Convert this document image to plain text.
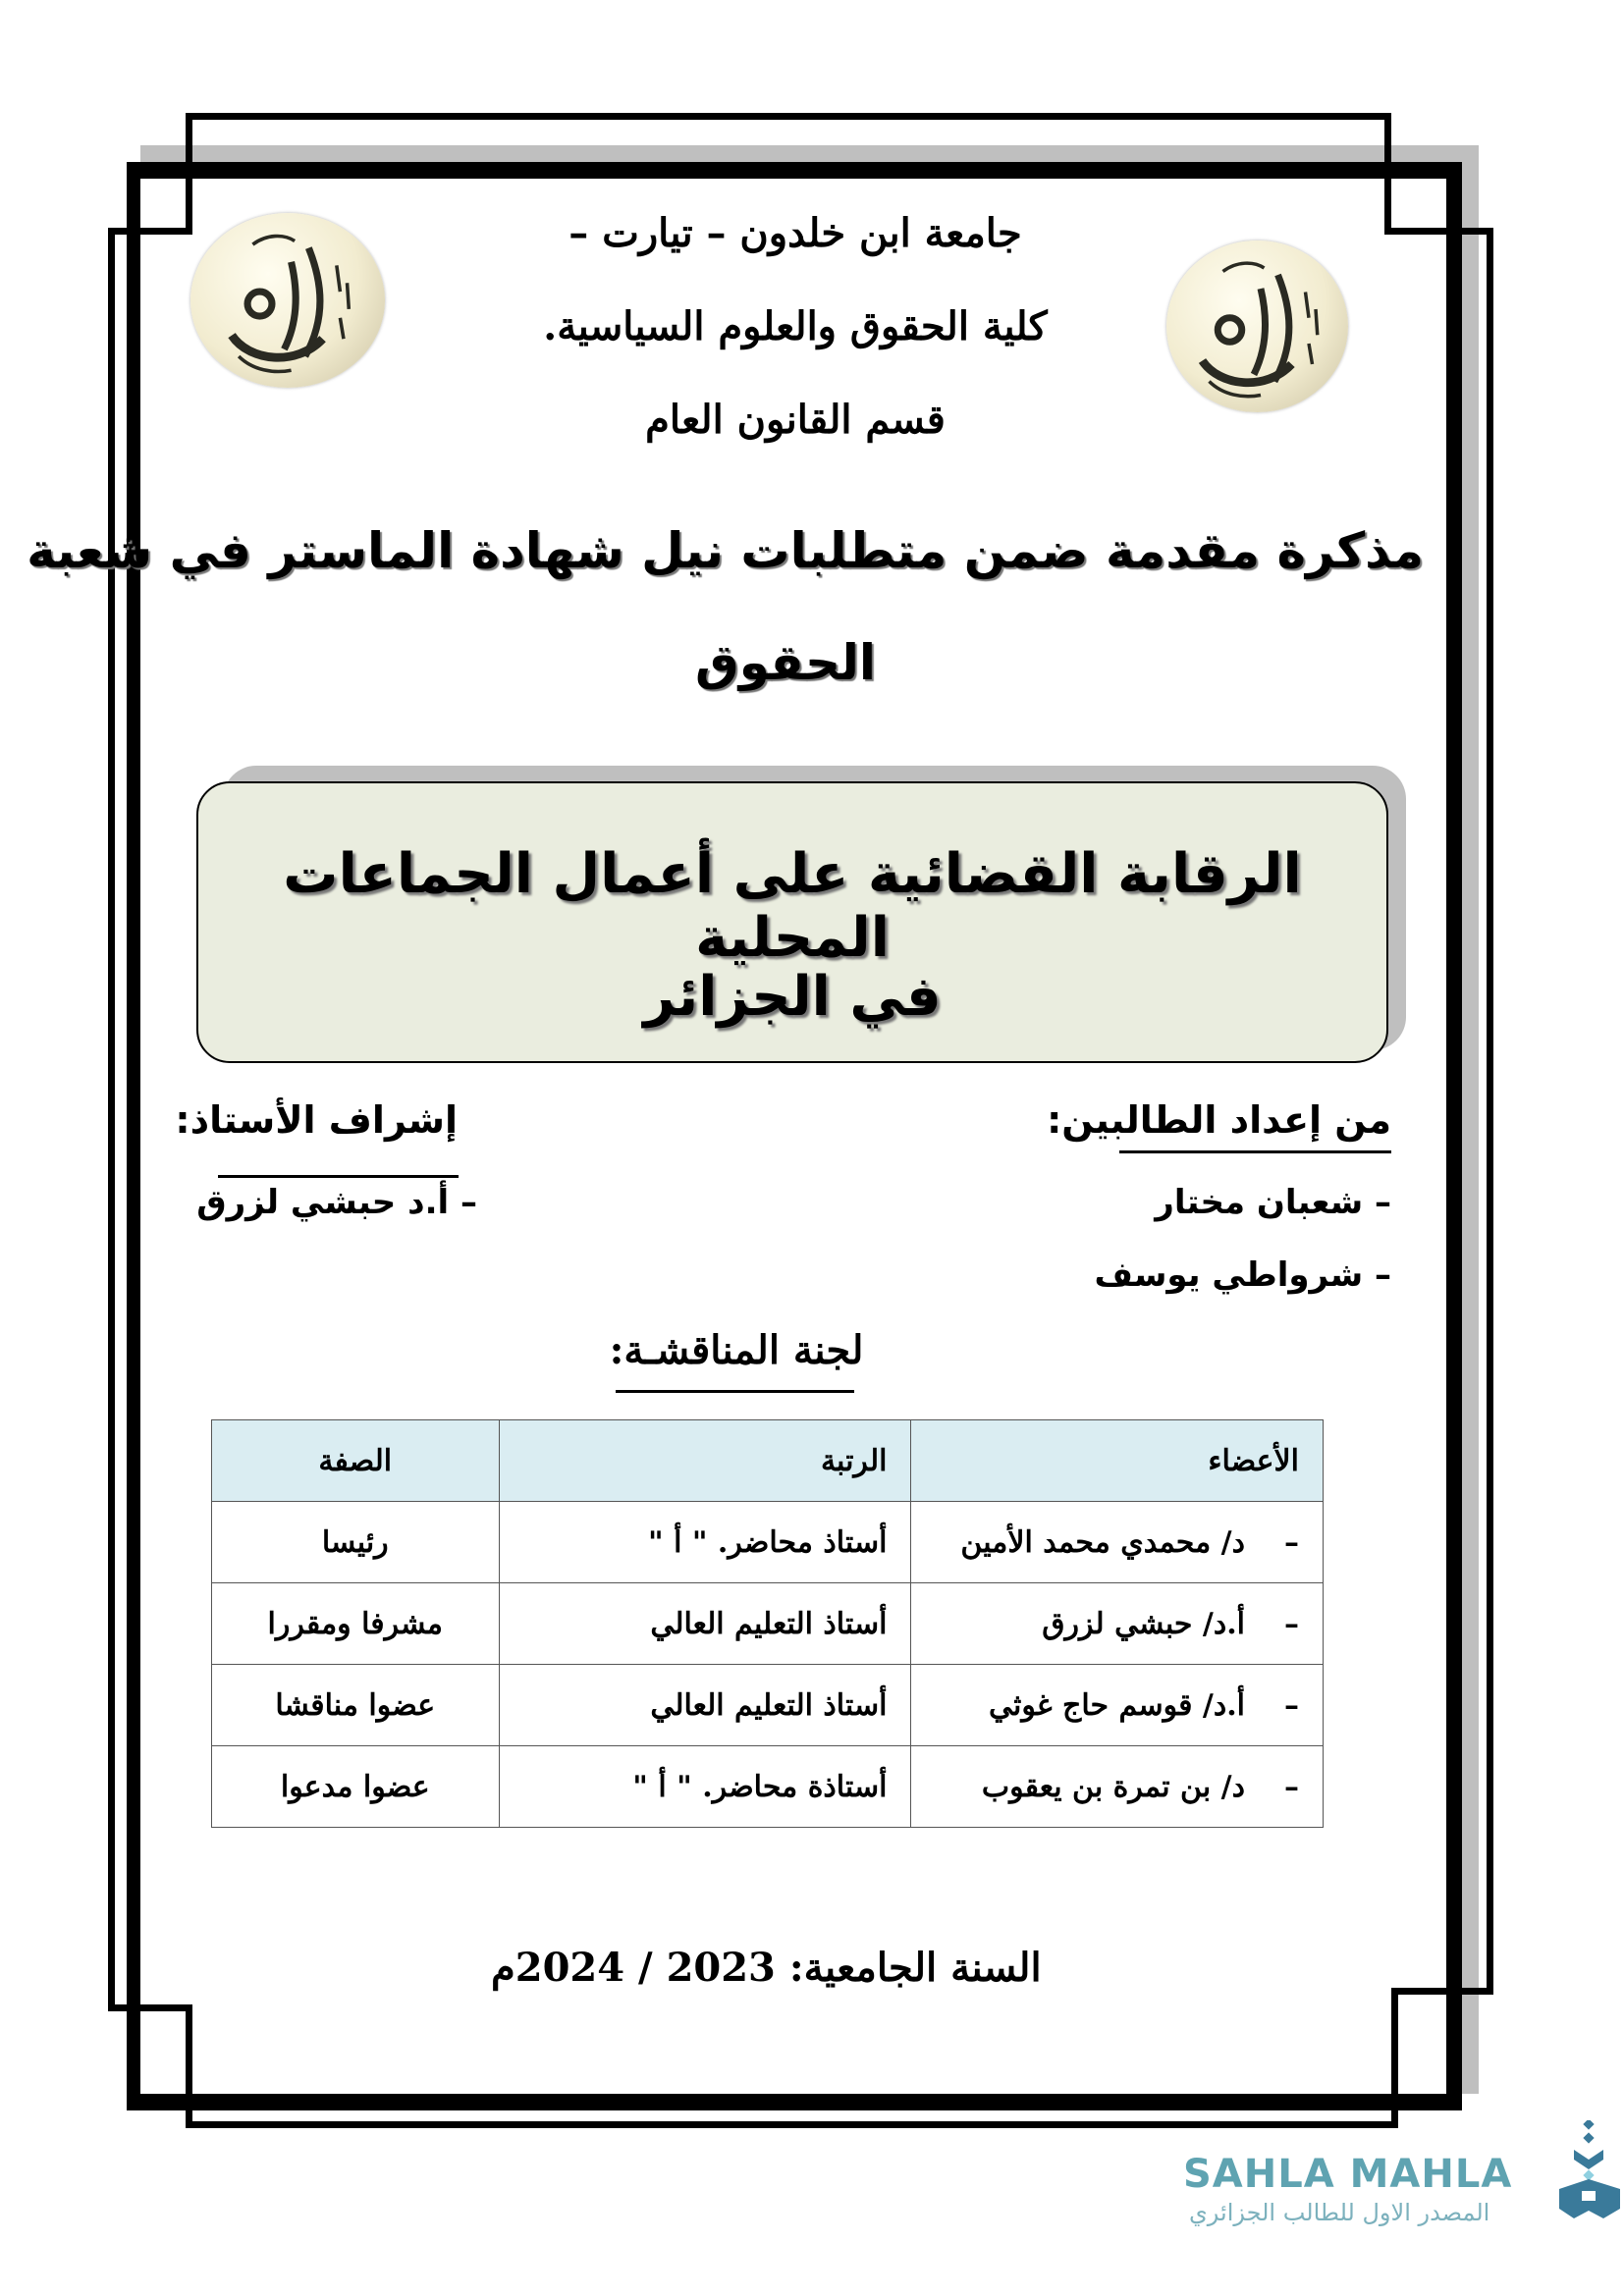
جامعة ابن خلدون – تيارت –
كلية الحقوق والعلوم السياسية.
قسم القانون العام
مذكرة مقدمة ضمن متطلبات نيل شهادة الماستر في شعبة
الحقوق
الرقابة القضائية على أعمال الجماعات المحلية
في الجزائر
من إعداد الطالبين:
– شعبان مختار
– شرواطي يوسف
إشراف الأستاذ:
– أ.د حبشي لزرق
لجنة المناقشـة:
الأعضاء	الرتبة	الصفة
–د/ محمدي محمد الأمين	أستاذ محاضر. " أ "	رئيسا
–أ.د/ حبشي لزرق	أستاذ التعليم العالي	مشرفا ومقررا
–أ.د/ قوسم حاج غوثي	أستاذ التعليم العالي	عضوا مناقشا
–د/ بن تمرة بن يعقوب	أستاذة محاضر. " أ "	عضوا مدعوا
السنة الجامعية: 2023 / 2024م
SAHLA MAHLA
المصدر الاول للطالب الجزائري
